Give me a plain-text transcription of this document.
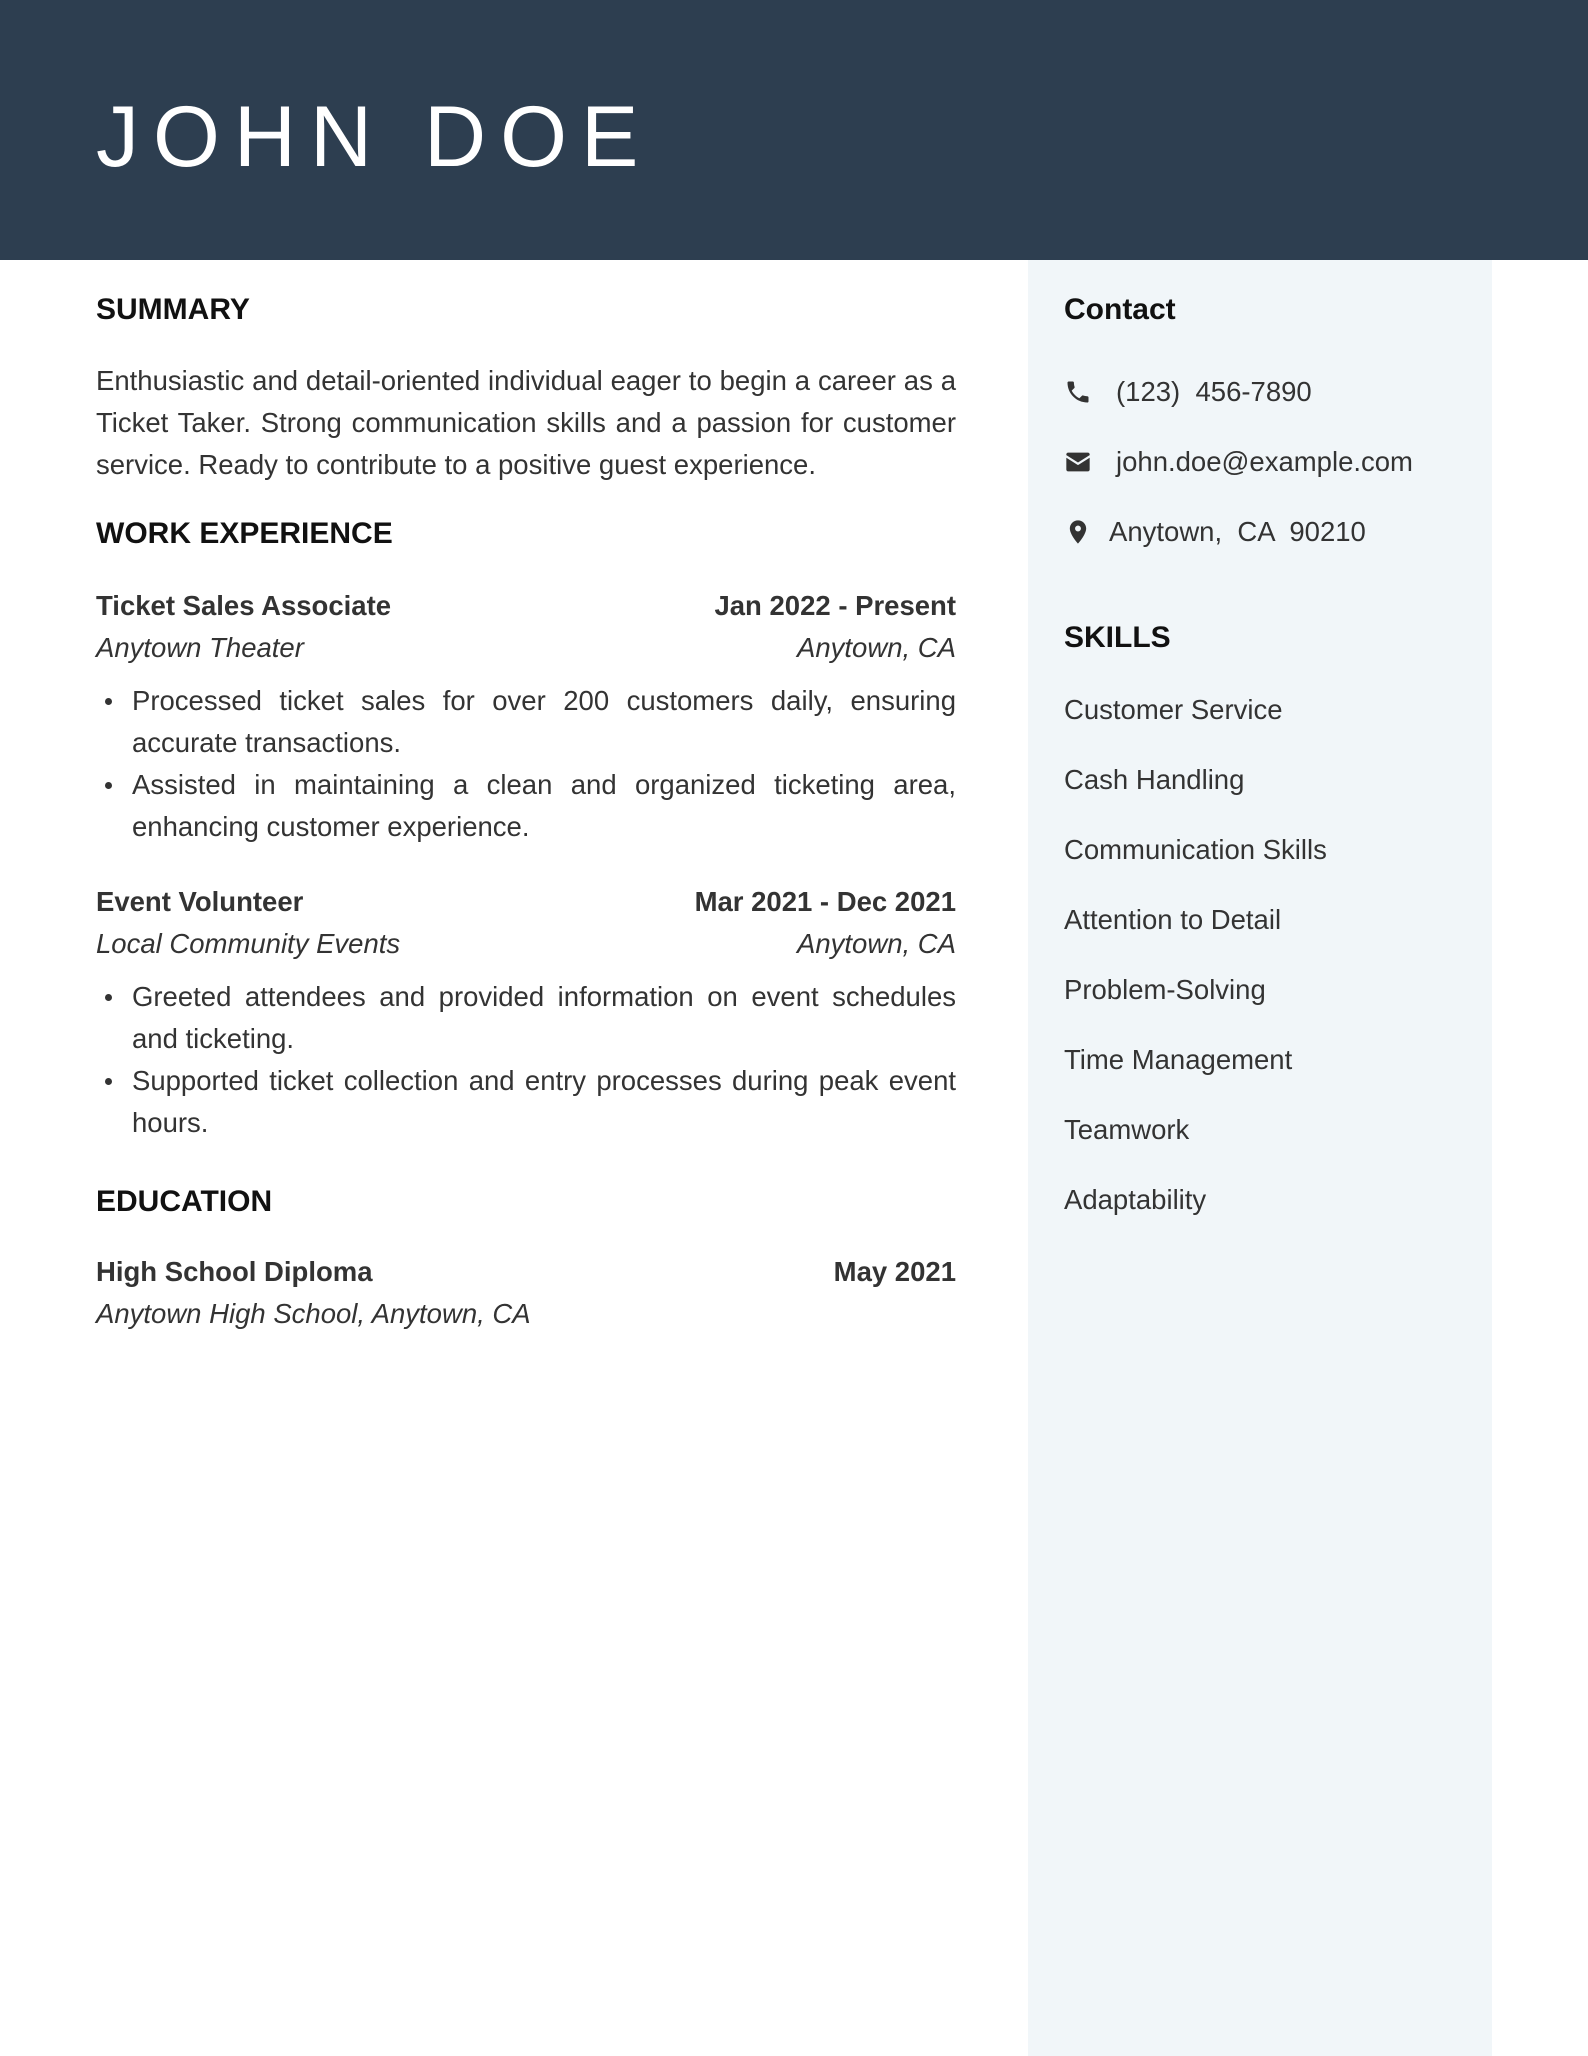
JOHN DOE
SUMMARY

Enthusiastic and detail-oriented individual eager to begin a career as a Ticket Taker. Strong communication skills and a passion for customer service. Ready to contribute to a positive guest experience.

WORK EXPERIENCE
Ticket Sales Associate	Jan 2022 - Present
Anytown Theater	Anytown, CA
Processed ticket sales for over 200 customers daily, ensuring accurate transactions.
Assisted in maintaining a clean and organized ticketing area, enhancing customer experience.
Event Volunteer	Mar 2021 - Dec 2021
Local Community Events	Anytown, CA
Greeted attendees and provided information on event schedules and ticketing.
Supported ticket collection and entry processes during peak event hours.
EDUCATION
High School Diploma	May 2021
Anytown High School, Anytown, CA
Contact
(123)  456-7890
john.doe@example.com
Anytown,  CA  90210
SKILLS
Customer Service
Cash Handling
Communication Skills
Attention to Detail
Problem-Solving
Time Management
Teamwork
Adaptability
